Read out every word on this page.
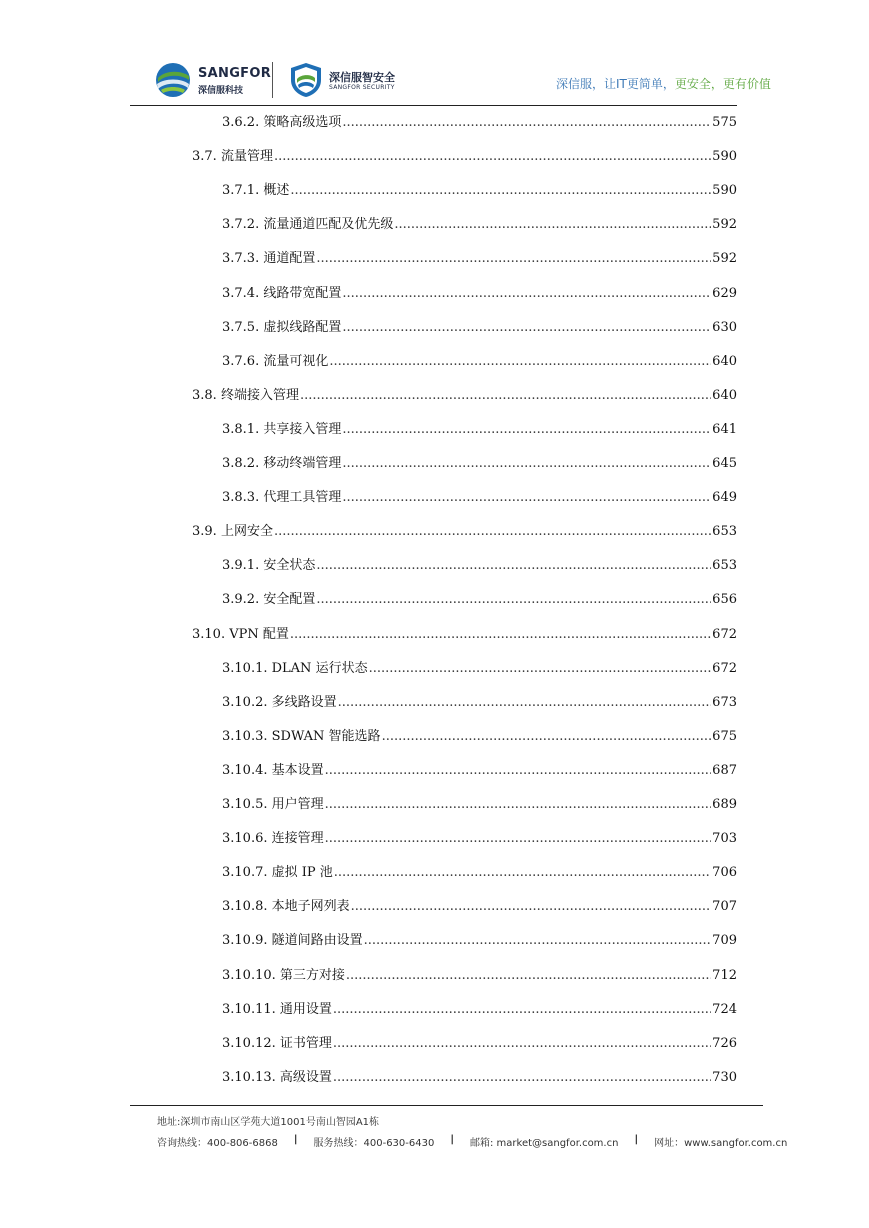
SANGFOR
深信服科技
深信服智安全
SANGFOR SECURITY	深信服，让IT更简单，更安全，更有价值
3.6.2. 策略高级选项 .....	575
3.7. 流量管理 .....	590
3.7.1. 概述 .....	590
3.7.2. 流量通道匹配及优先级 .....	592
3.7.3. 通道配置 .....	592
3.7.4. 线路带宽配置 .....	629
3.7.5. 虚拟线路配置 .....	630
3.7.6. 流量可视化 .....	640
3.8. 终端接入管理 .....	640
3.8.1. 共享接入管理 .....	641
3.8.2. 移动终端管理 .....	645
3.8.3. 代理工具管理 .....	649
3.9. 上网安全 .....	653
3.9.1. 安全状态 .....	653
3.9.2. 安全配置 .....	656
3.10. VPN 配置 .....	672
3.10.1. DLAN 运行状态 .....	672
3.10.2. 多线路设置 .....	673
3.10.3. SDWAN 智能选路 .....	675
3.10.4. 基本设置 .....	687
3.10.5. 用户管理 .....	689
3.10.6. 连接管理 .....	703
3.10.7. 虚拟 IP 池 .....	706
3.10.8. 本地子网列表 .....	707
3.10.9. 隧道间路由设置 .....	709
3.10.10. 第三方对接 .....	712
3.10.11. 通用设置 .....	724
3.10.12. 证书管理 .....	726
3.10.13. 高级设置 .....	730
地址:深圳市南山区学苑大道1001号南山智园A1栋
咨询热线：400-806-6868 | 服务热线：400-630-6430 | 邮箱: market@sangfor.com.cn | 网址：www.sangfor.com.cn
